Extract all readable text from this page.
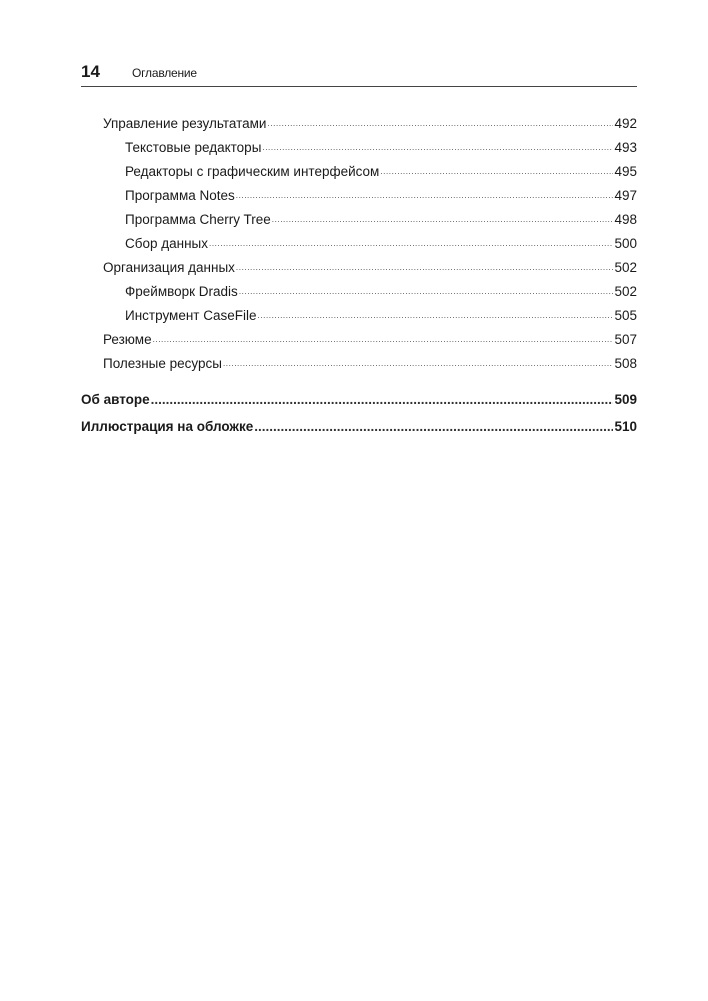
14	Оглавление
Управление результатами .....	492
Текстовые редакторы .....	493
Редакторы с графическим интерфейсом .....	495
Программа Notes .....	497
Программа Cherry Tree .....	498
Сбор данных .....	500
Организация данных .....	502
Фреймворк Dradis .....	502
Инструмент CaseFile .....	505
Резюме .....	507
Полезные ресурсы .....	508
Об авторе .....	509
Иллюстрация на обложке .....	510
